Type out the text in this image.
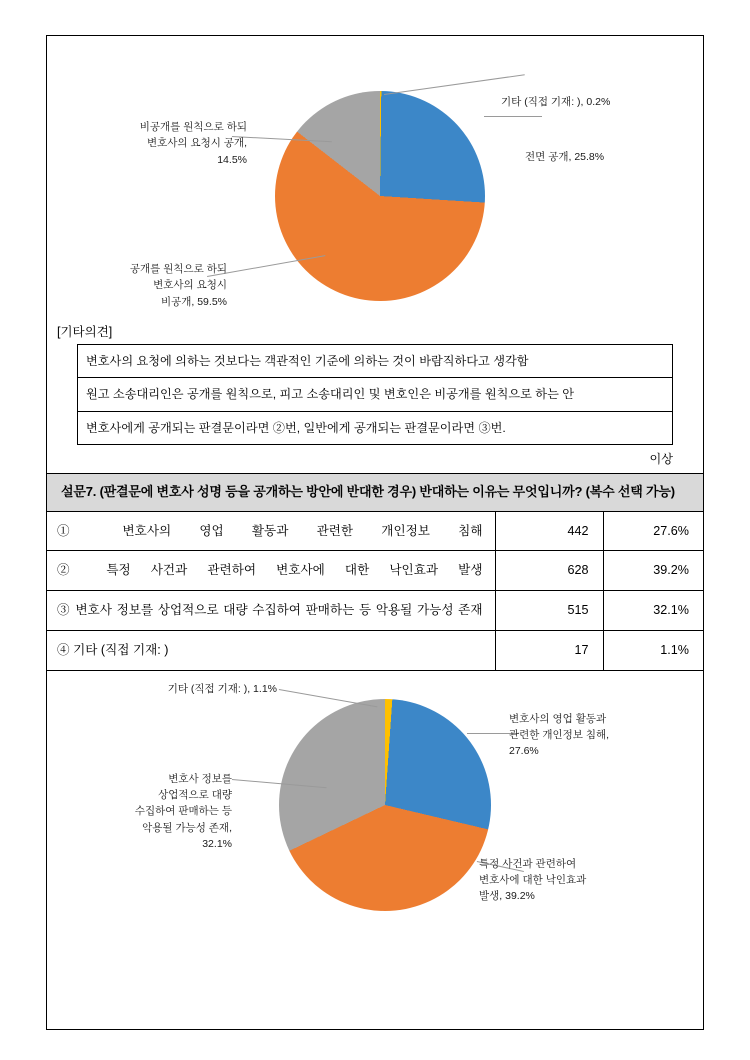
기타 (직접 기재: ), 0.2%
전면 공개, 25.8%
비공개를 원칙으로 하되
변호사의 요청시 공개,
14.5%
공개를 원칙으로 하되
변호사의 요청시
비공개, 59.5%
[기타의견]
변호사의 요청에 의하는 것보다는 객관적인 기준에 의하는 것이 바람직하다고 생각함
원고 소송대리인은 공개를 원칙으로, 피고 소송대리인 및 변호인은 비공개를 원칙으로 하는 안
변호사에게 공개되는 판결문이라면 ②번, 일반에게 공개되는 판결문이라면 ③번.
이상
설문7. (판결문에 변호사 성명 등을 공개하는 방안에 반대한 경우) 반대하는 이유는 무엇입니까? (복수 선택 가능)
① 변호사의 영업 활동과 관련한 개인정보 침해	442	27.6%
② 특정 사건과 관련하여 변호사에 대한 낙인효과 발생	628	39.2%
③ 변호사 정보를 상업적으로 대량 수집하여 판매하는 등 악용될 가능성 존재	515	32.1%
④ 기타 (직접 기재: )	17	1.1%
기타 (직접 기재: ), 1.1%
변호사의 영업 활동과
관련한 개인정보 침해,
27.6%
특정 사건과 관련하여
변호사에 대한 낙인효과
발생, 39.2%
변호사 정보를
상업적으로 대량
수집하여 판매하는 등
악용될 가능성 존재,
32.1%
